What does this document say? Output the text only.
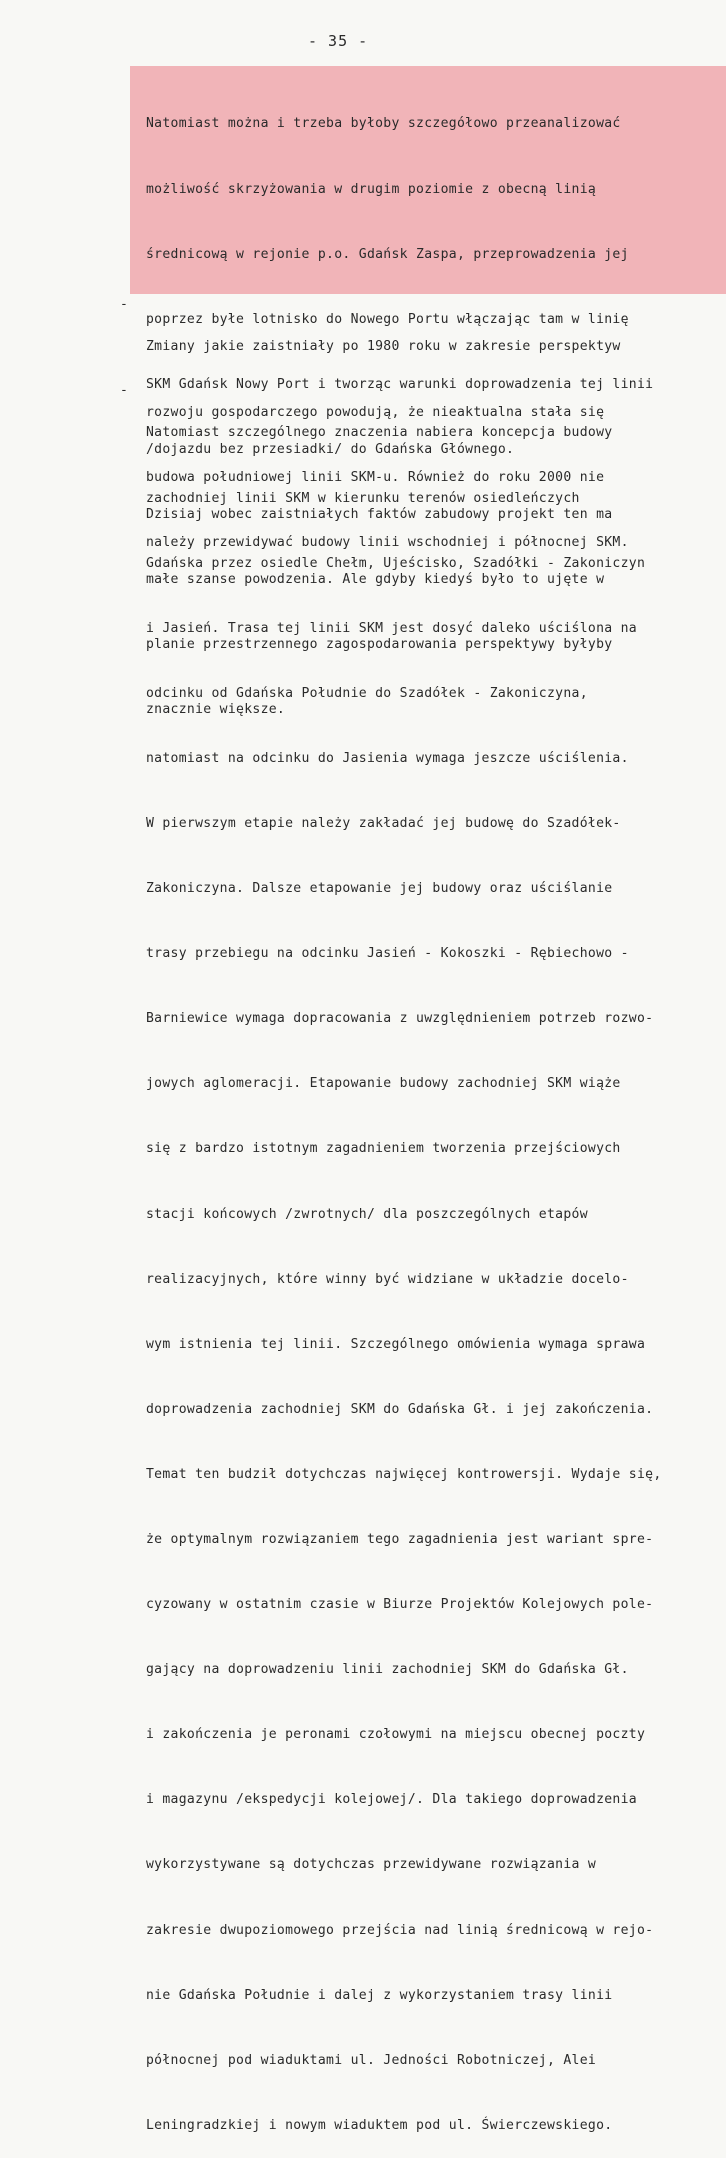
- 35 -

Natomiast można i trzeba byłoby szczegółowo przeanalizować

możliwość skrzyżowania w drugim poziomie z obecną linią

średnicową w rejonie p.o. Gdańsk Zaspa, przeprowadzenia jej

poprzez byłe lotnisko do Nowego Portu włączając tam w linię

SKM Gdańsk Nowy Port i tworząc warunki doprowadzenia tej linii

/dojazdu bez przesiadki/ do Gdańska Głównego.

Dzisiaj wobec zaistniałych faktów zabudowy projekt ten ma

małe szanse powodzenia. Ale gdyby kiedyś było to ujęte w

planie przestrzennego zagospodarowania perspektywy byłyby

znacznie większe.

-

Zmiany jakie zaistniały po 1980 roku w zakresie perspektyw

rozwoju gospodarczego powodują, że nieaktualna stała się

budowa południowej linii SKM-u. Również do roku 2000 nie

należy przewidywać budowy linii wschodniej i północnej SKM.

-

Natomiast szczególnego znaczenia nabiera koncepcja budowy

zachodniej linii SKM w kierunku terenów osiedleńczych

Gdańska przez osiedle Chełm, Ujeścisko, Szadółki - Zakoniczyn

i Jasień. Trasa tej linii SKM jest dosyć daleko uściślona na

odcinku od Gdańska Południe do Szadółek - Zakoniczyna,

natomiast na odcinku do Jasienia wymaga jeszcze uściślenia.

W pierwszym etapie należy zakładać jej budowę do Szadółek-

Zakoniczyna. Dalsze etapowanie jej budowy oraz uściślanie

trasy przebiegu na odcinku Jasień - Kokoszki - Rębiechowo -

Barniewice wymaga dopracowania z uwzględnieniem potrzeb rozwo-

jowych aglomeracji. Etapowanie budowy zachodniej SKM wiąże

się z bardzo istotnym zagadnieniem tworzenia przejściowych

stacji końcowych /zwrotnych/ dla poszczególnych etapów

realizacyjnych, które winny być widziane w układzie docelo-

wym istnienia tej linii. Szczególnego omówienia wymaga sprawa

doprowadzenia zachodniej SKM do Gdańska Gł. i jej zakończenia.

Temat ten budził dotychczas najwięcej kontrowersji. Wydaje się,

że optymalnym rozwiązaniem tego zagadnienia jest wariant spre-

cyzowany w ostatnim czasie w Biurze Projektów Kolejowych pole-

gający na doprowadzeniu linii zachodniej SKM do Gdańska Gł.

i zakończenia je peronami czołowymi na miejscu obecnej poczty

i magazynu /ekspedycji kolejowej/. Dla takiego doprowadzenia

wykorzystywane są dotychczas przewidywane rozwiązania w

zakresie dwupoziomowego przejścia nad linią średnicową w rejo-

nie Gdańska Południe i dalej z wykorzystaniem trasy linii

północnej pod wiaduktami ul. Jedności Robotniczej, Alei

Leningradzkiej i nowym wiaduktem pod ul. Świerczewskiego.
